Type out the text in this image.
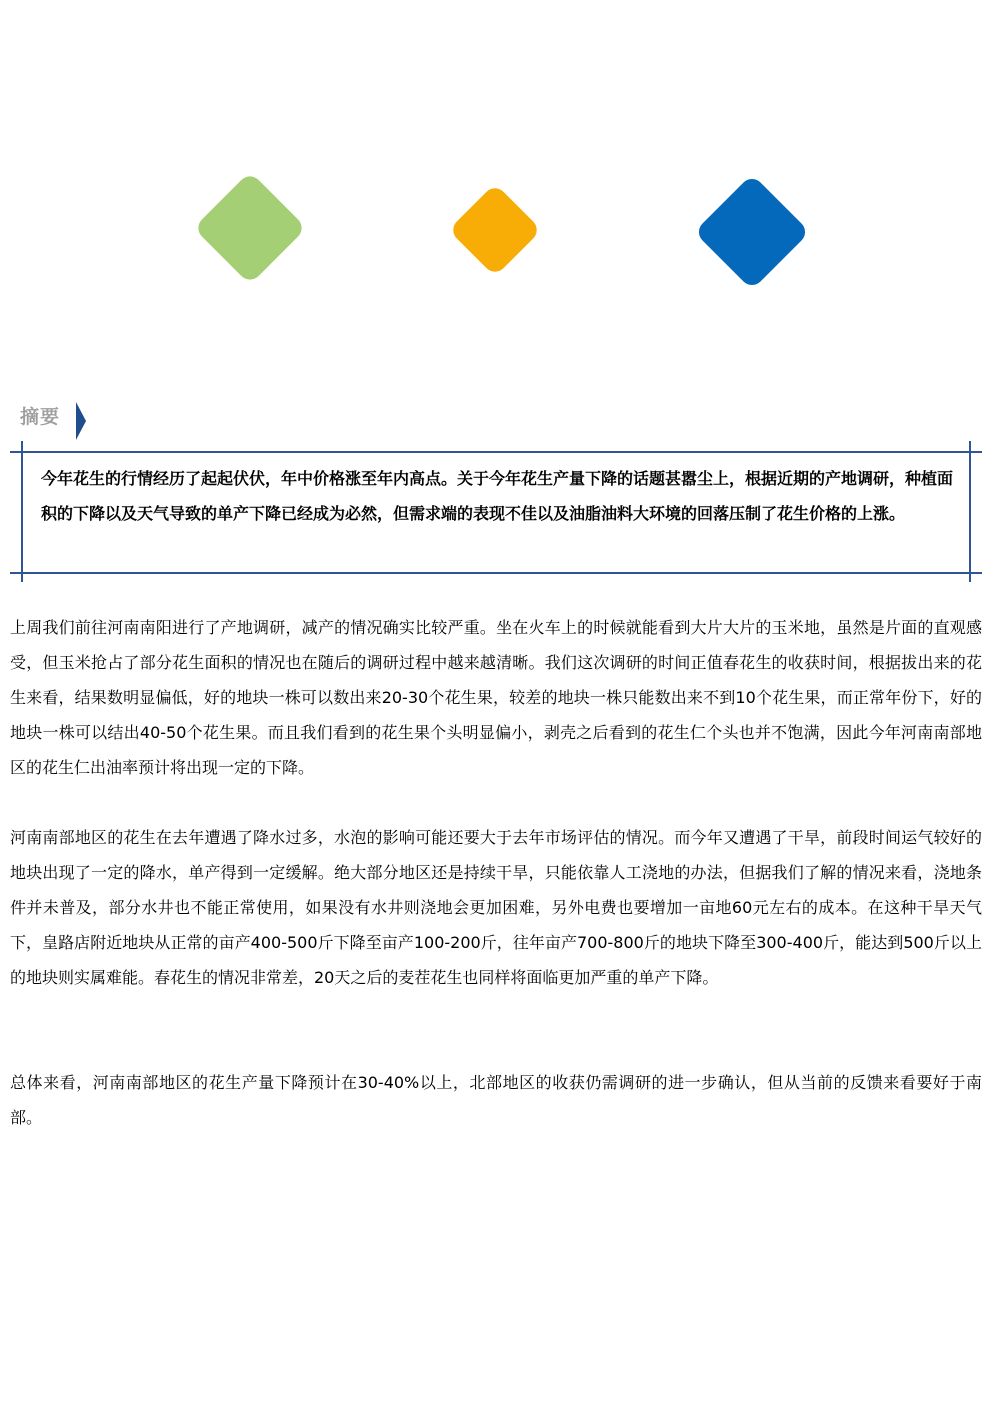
摘要
今年花生的行情经历了起起伏伏，年中价格涨至年内高点。关于今年花生产量下降的话题甚嚣尘上，根据近期的产地调研，种植面积的下降以及天气导致的单产下降已经成为必然，但需求端的表现不佳以及油脂油料大环境的回落压制了花生价格的上涨。
上周我们前往河南南阳进行了产地调研，减产的情况确实比较严重。坐在火车上的时候就能看到大片大片的玉米地，虽然是片面的直观感受，但玉米抢占了部分花生面积的情况也在随后的调研过程中越来越清晰。我们这次调研的时间正值春花生的收获时间，根据拔出来的花生来看，结果数明显偏低，好的地块一株可以数出来20-30个花生果，较差的地块一株只能数出来不到10个花生果，而正常年份下，好的地块一株可以结出40-50个花生果。而且我们看到的花生果个头明显偏小，剥壳之后看到的花生仁个头也并不饱满，因此今年河南南部地区的花生仁出油率预计将出现一定的下降。
河南南部地区的花生在去年遭遇了降水过多，水泡的影响可能还要大于去年市场评估的情况。而今年又遭遇了干旱，前段时间运气较好的地块出现了一定的降水，单产得到一定缓解。绝大部分地区还是持续干旱，只能依靠人工浇地的办法，但据我们了解的情况来看，浇地条件并未普及，部分水井也不能正常使用，如果没有水井则浇地会更加困难，另外电费也要增加一亩地60元左右的成本。在这种干旱天气下，皇路店附近地块从正常的亩产400-500斤下降至亩产100-200斤，往年亩产700-800斤的地块下降至300-400斤，能达到500斤以上的地块则实属难能。春花生的情况非常差，20天之后的麦茬花生也同样将面临更加严重的单产下降。
总体来看，河南南部地区的花生产量下降预计在30-40%以上，北部地区的收获仍需调研的进一步确认，但从当前的反馈来看要好于南部。
